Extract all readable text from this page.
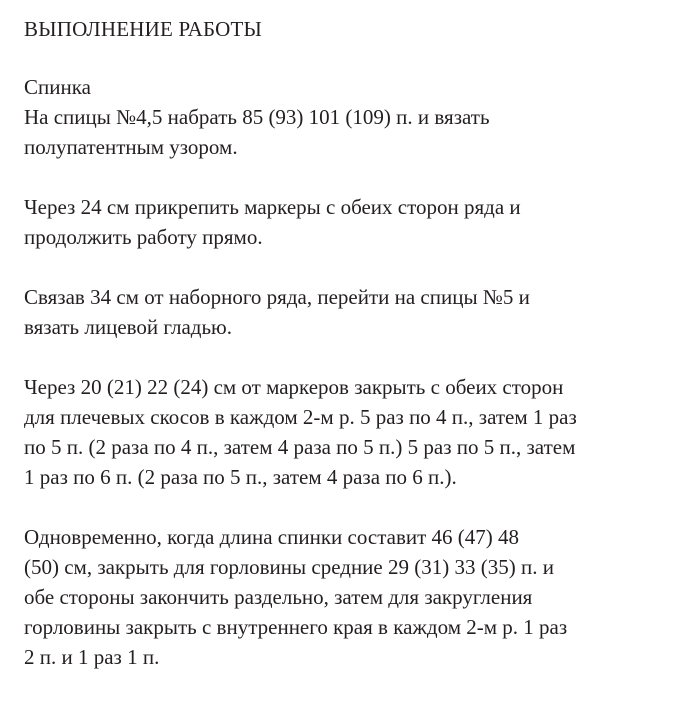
ВЫПОЛНЕНИЕ РАБОТЫ
Спинка
На спицы №4,5 набрать 85 (93) 101 (109) п. и вязать
полупатентным узором.
Через 24 см прикрепить маркеры с обеих сторон ряда и
продолжить работу прямо.
Связав 34 см от наборного ряда, перейти на спицы №5 и
вязать лицевой гладью.
Через 20 (21) 22 (24) см от маркеров закрыть с обеих сторон
для плечевых скосов в каждом 2-м р. 5 раз по 4 п., затем 1 раз
по 5 п. (2 раза по 4 п., затем 4 раза по 5 п.) 5 раз по 5 п., затем
1 раз по 6 п. (2 раза по 5 п., затем 4 раза по 6 п.).
Одновременно, когда длина спинки составит 46 (47) 48
(50) см, закрыть для горловины средние 29 (31) 33 (35) п. и
обе стороны закончить раздельно, затем для закругления
горловины закрыть с внутреннего края в каждом 2-м р. 1 раз
2 п. и 1 раз 1 п.
